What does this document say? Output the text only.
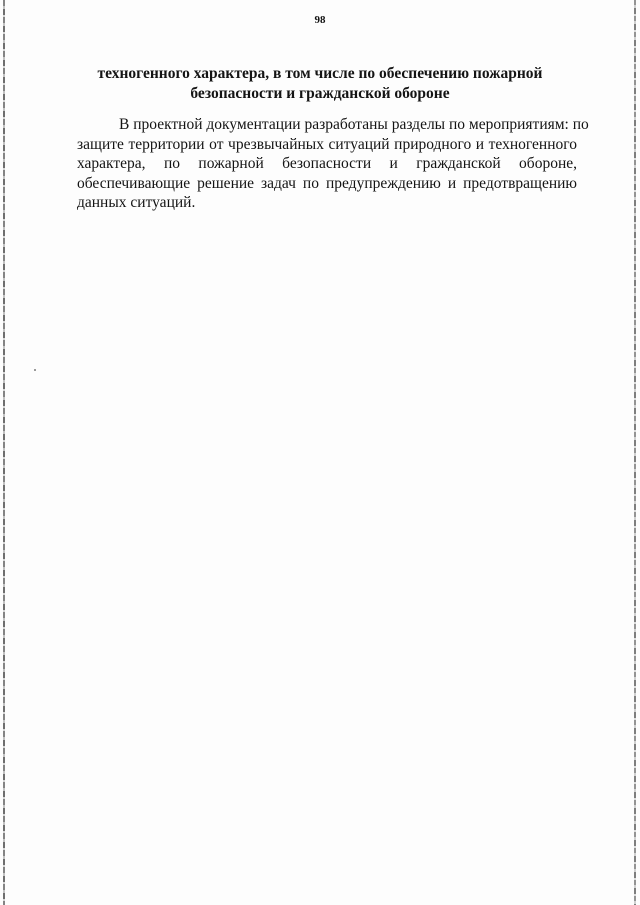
98
техногенного характера, в том числе по обеспечению пожарной
безопасности и гражданской обороне
В проектной документации разработаны разделы по мероприятиям: по
защите территории от чрезвычайных ситуаций природного и техногенного
характера, по пожарной безопасности и гражданской обороне,
обеспечивающие решение задач по предупреждению и предотвращению
данных ситуаций.
